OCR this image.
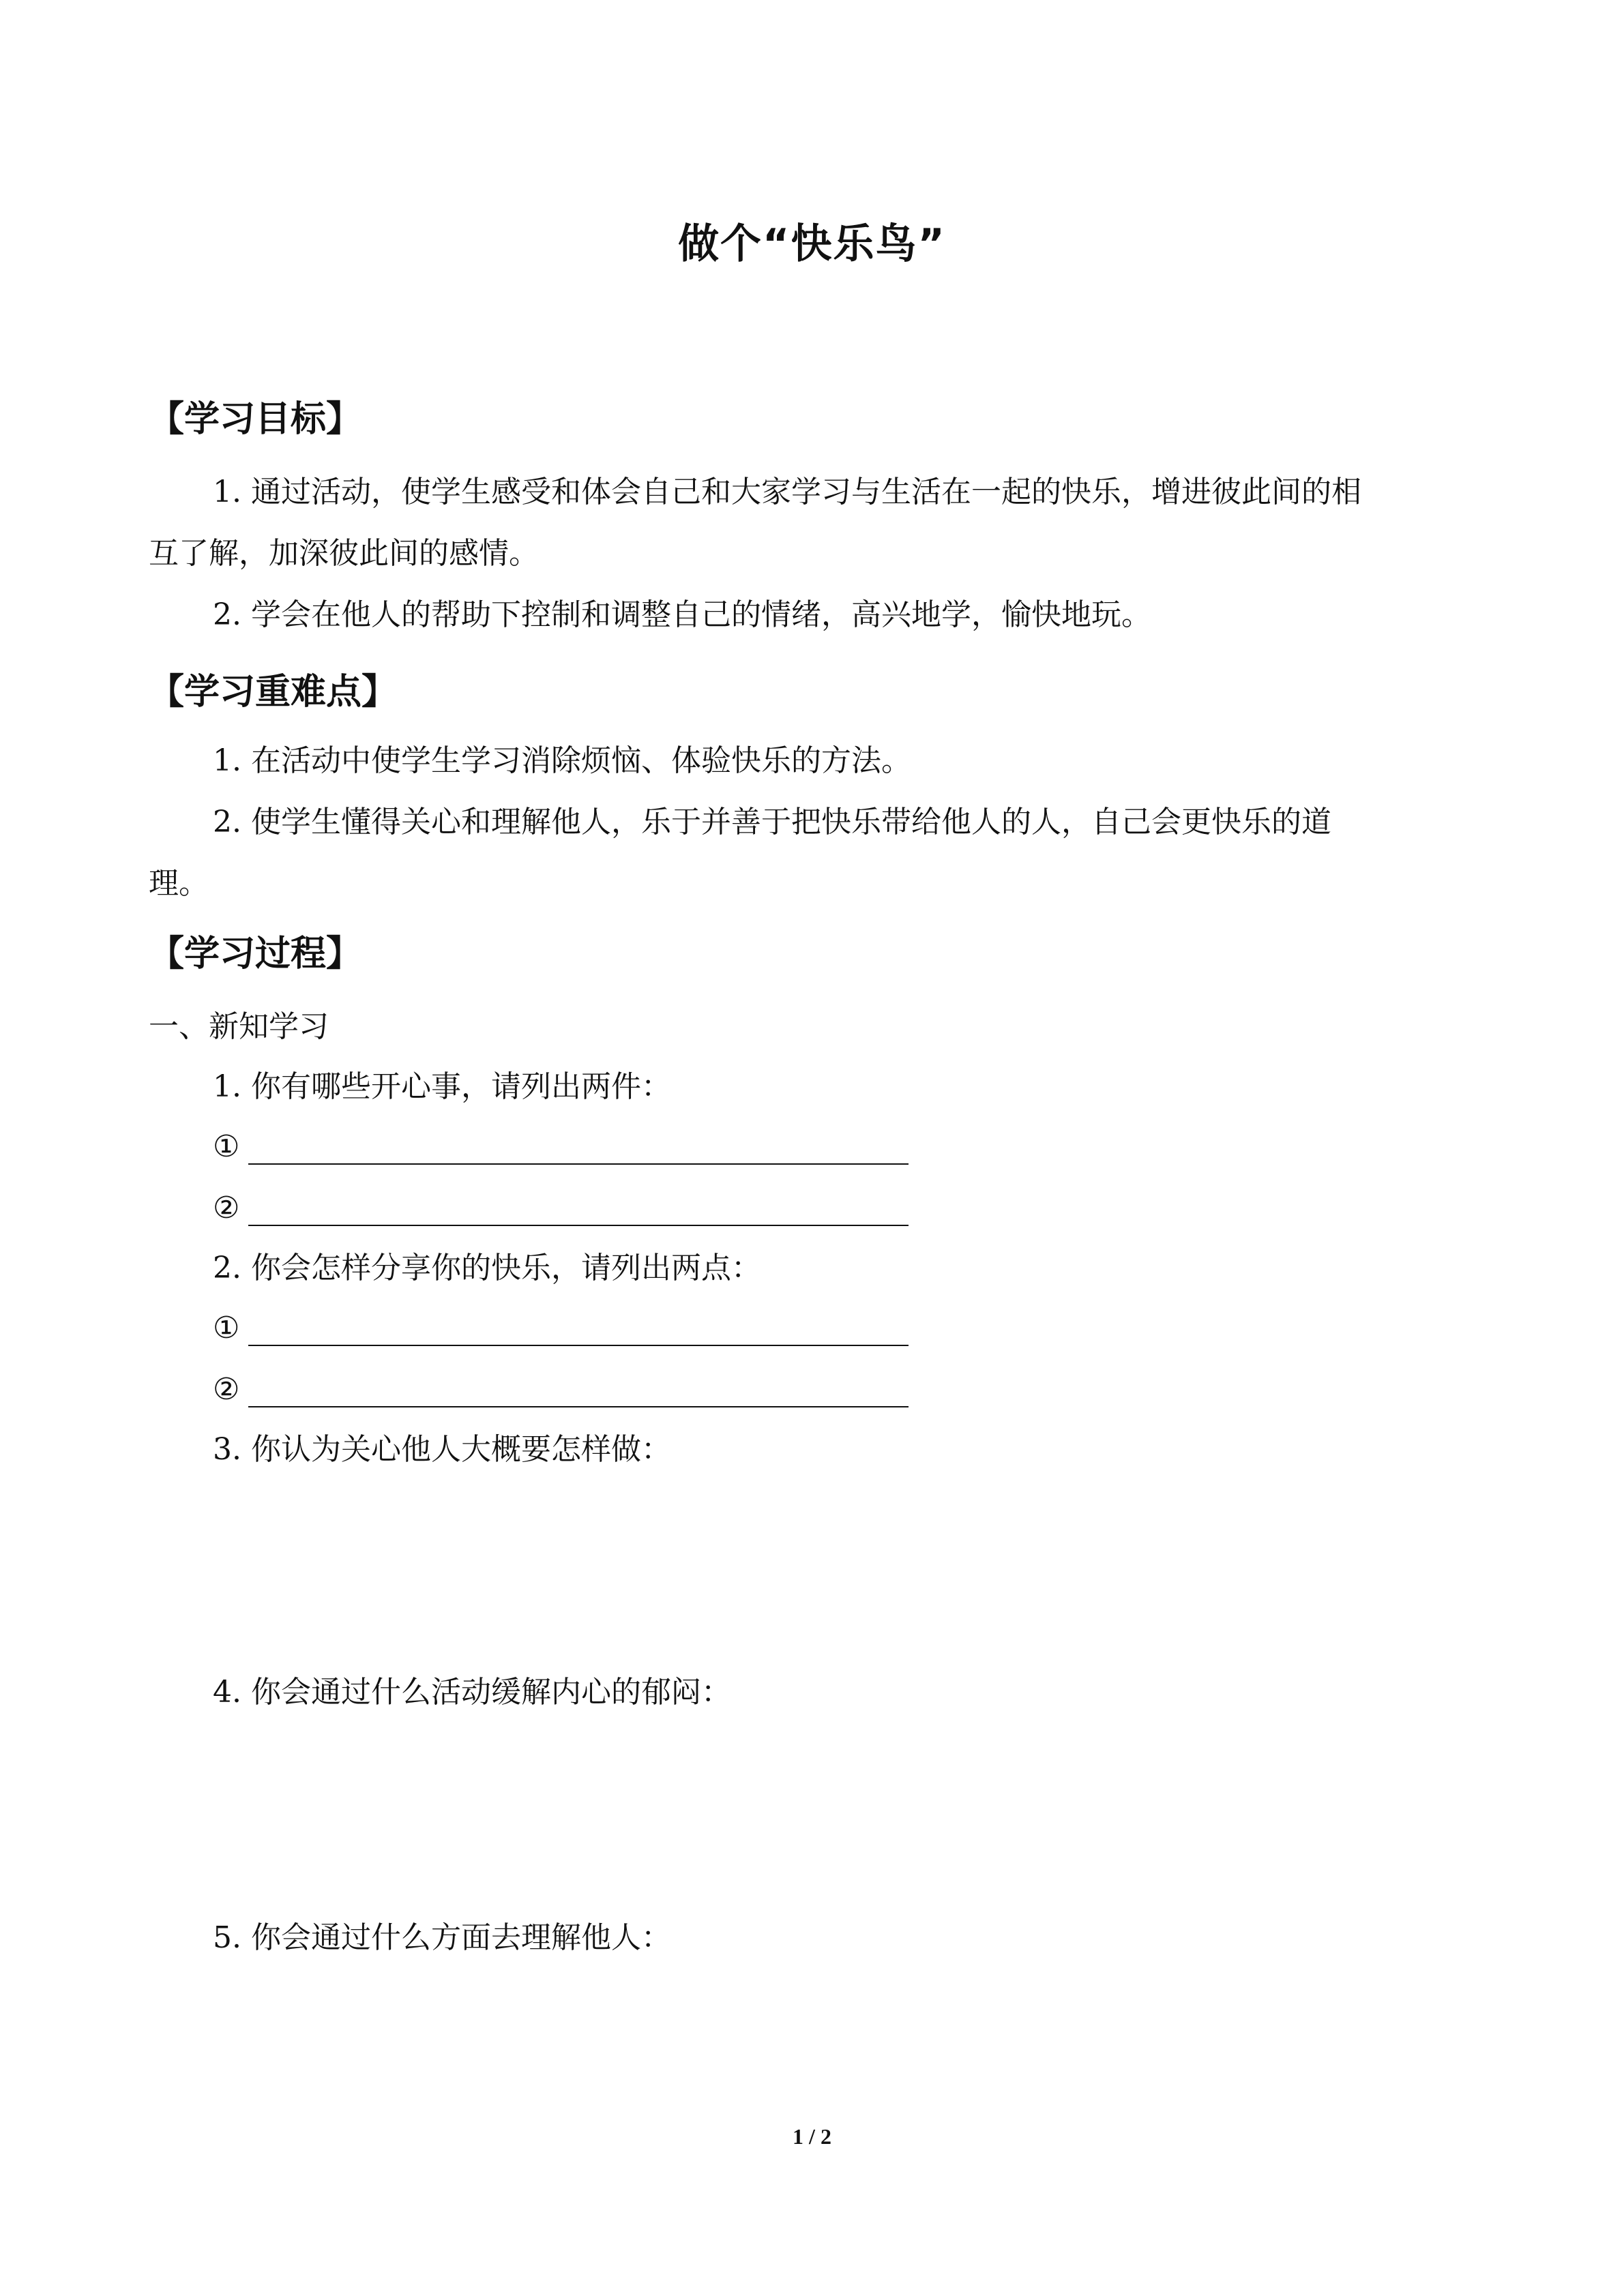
做个“快乐鸟”
【学习目标】
1. 通过活动，使学生感受和体会自己和大家学习与生活在一起的快乐，增进彼此间的相
互了解，加深彼此间的感情。
2. 学会在他人的帮助下控制和调整自己的情绪，高兴地学，愉快地玩。
【学习重难点】
1. 在活动中使学生学习消除烦恼、体验快乐的方法。
2. 使学生懂得关心和理解他人，乐于并善于把快乐带给他人的人，自己会更快乐的道
理。
【学习过程】
一、新知学习
1. 你有哪些开心事，请列出两件：
①
②
2. 你会怎样分享你的快乐，请列出两点：
①
②
3. 你认为关心他人大概要怎样做：
4. 你会通过什么活动缓解内心的郁闷：
5. 你会通过什么方面去理解他人：
1 / 2
